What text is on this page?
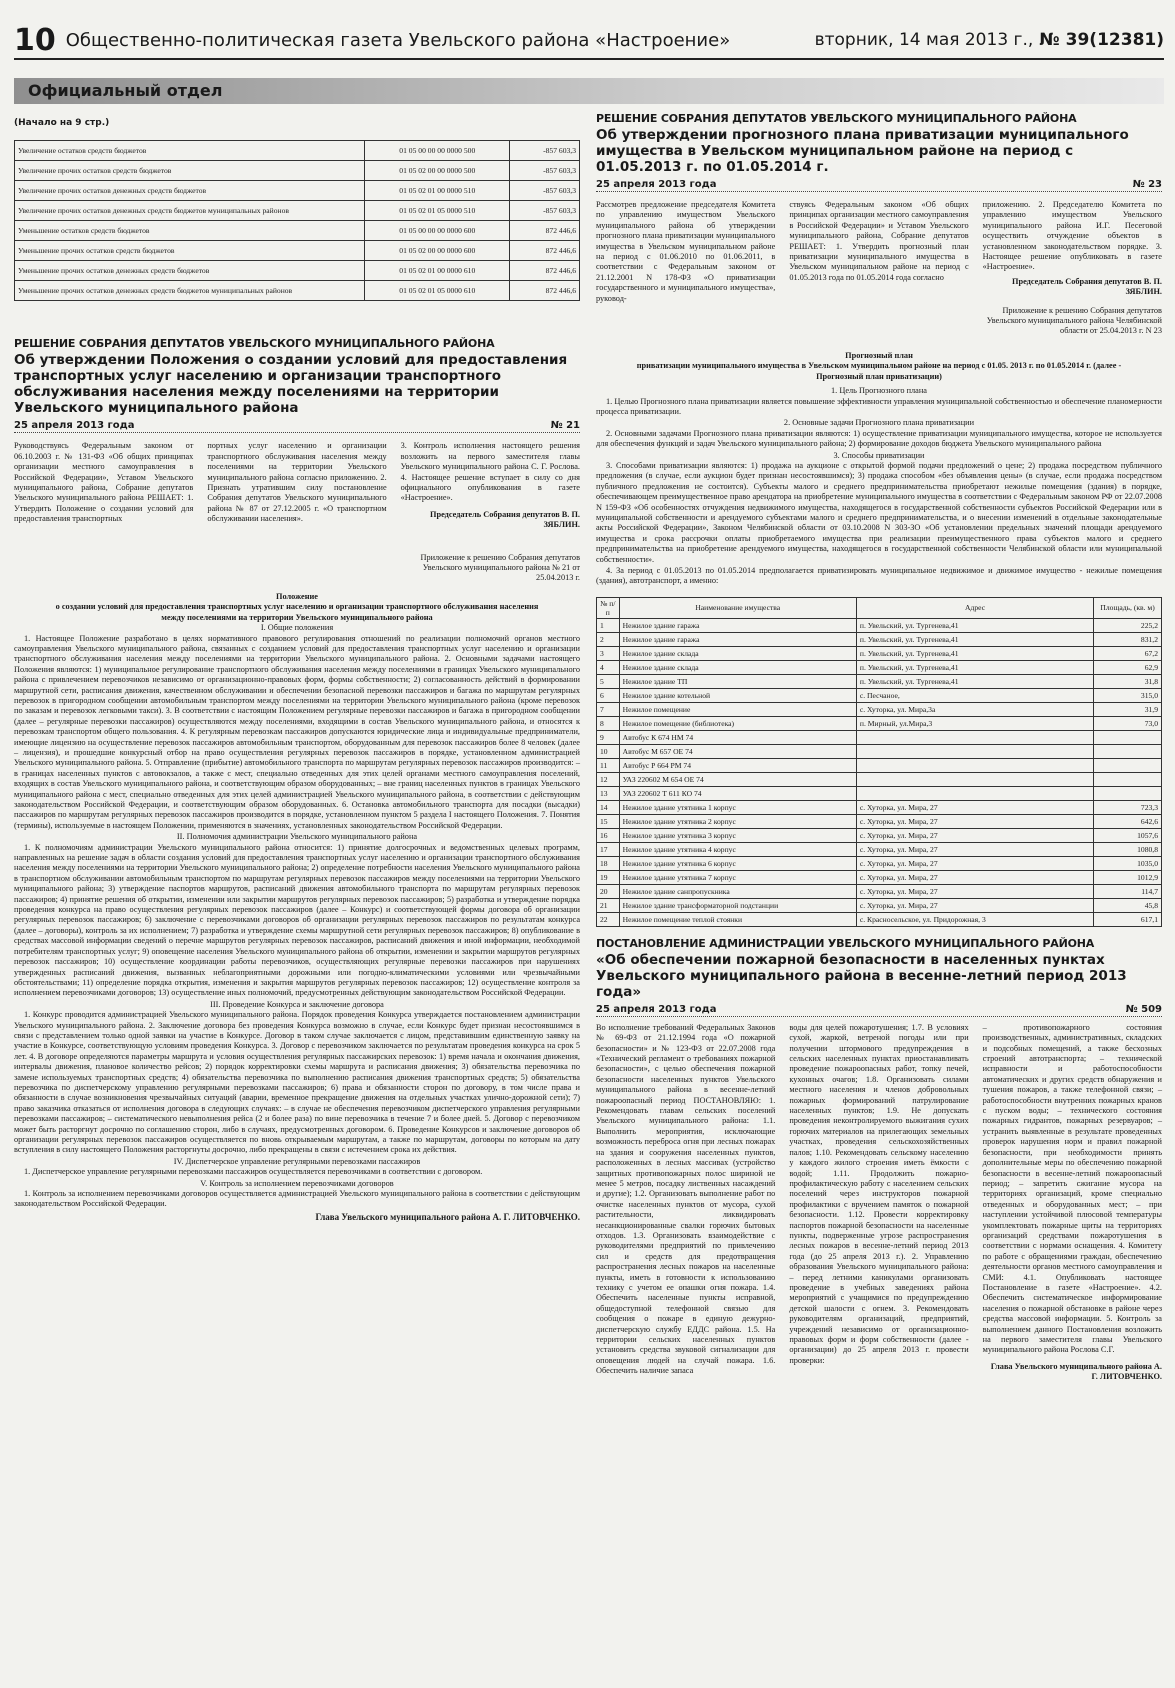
10 Общественно-политическая газета Увельского района «Настроение»	вторник, 14 мая 2013 г., № 39(12381)
Официальный отдел
(Начало на 9 стр.)
Увеличение остатков средств бюджетов	01 05 00 00 00 0000 500	-857 603,3
Увеличение прочих остатков средств бюджетов	01 05 02 00 00 0000 500	-857 603,3
Увеличение прочих остатков денежных средств бюджетов	01 05 02 01 00 0000 510	-857 603,3
Увеличение прочих остатков денежных средств бюджетов муниципальных районов	01 05 02 01 05 0000 510	-857 603,3
Уменьшение остатков средств бюджетов	01 05 00 00 00 0000 600	872 446,6
Уменьшение прочих остатков средств бюджетов	01 05 02 00 00 0000 600	872 446,6
Уменьшение прочих остатков денежных средств бюджетов	01 05 02 01 00 0000 610	872 446,6
Уменьшение прочих остатков денежных средств бюджетов муниципальных районов	01 05 02 01 05 0000 610	872 446,6
РЕШЕНИЕ СОБРАНИЯ ДЕПУТАТОВ УВЕЛЬСКОГО МУНИЦИПАЛЬНОГО РАЙОНА
Об утверждении Положения о создании условий для предоставления транспортных услуг населению и организации транспортного обслуживания населения между поселениями на территории Увельского муниципального района
25 апреля 2013 года	№ 21
Руководствуясь Федеральным законом от 06.10.2003 г. № 131-ФЗ «Об общих принципах организации местного самоуправления в Российской Федерации», Уставом Увельского муниципального района, Собрание депутатов Увельского муниципального района РЕШАЕТ: 1. Утвердить Положение о создании условий для предоставления транспортных
портных услуг населению и организации транспортного обслуживания населения между поселениями на территории Увельского муниципального района согласно приложению. 2. Признать утратившим силу постановление Собрания депутатов Увельского муниципального района № 87 от 27.12.2005 г. «О транспортном обслуживании населения».
3. Контроль исполнения настоящего решения возложить на первого заместителя главы Увельского муниципального района С. Г. Рослова. 4. Настоящее решение вступает в силу со дня официального опубликования в газете «Настроение».
Председатель Собрания депутатов В. П. ЗЯБЛИН.
Приложение к решению Собрания депутатов Увельского муниципального района № 21 от 25.04.2013 г.
Положение
о создании условий для предоставления транспортных услуг населению и организации транспортного обслуживания населения между поселениями на территории Увельского муниципального района
I. Общие положения

1. Настоящее Положение разработано в целях нормативного правового регулирования отношений по реализации полномочий органов местного самоуправления Увельского муниципального района, связанных с созданием условий для предоставления транспортных услуг населению и организации транспортного обслуживания населения между поселениями на территории Увельского муниципального района. 2. Основными задачами настоящего Положения являются: 1) муниципальное регулирование транспортного обслуживания населения между поселениями в границах Увельского муниципального района с привлечением перевозчиков независимо от организационно-правовых форм, формы собственности; 2) согласованность действий в формировании маршрутной сети, расписания движения, качественном обслуживании и обеспечении безопасной перевозки пассажиров и багажа по маршрутам регулярных перевозок в пригородном сообщении автомобильным транспортом между поселениями на территории Увельского муниципального района (кроме перевозок по заказам и перевозок легковыми такси). 3. В соответствии с настоящим Положением регулярные перевозки пассажиров и багажа в пригородном сообщении (далее – регулярные перевозки пассажиров) осуществляются между поселениями, входящими в состав Увельского муниципального района, и относятся к перевозкам транспортом общего пользования. 4. К регулярным перевозкам пассажиров допускаются юридические лица и индивидуальные предприниматели, имеющие лицензию на осуществление перевозок пассажиров автомобильным транспортом, оборудованным для перевозок пассажиров более 8 человек (далее – лицензия), и прошедшие конкурсный отбор на право осуществления регулярных перевозок пассажиров в порядке, установленном администрацией Увельского муниципального района. 5. Отправление (прибытие) автомобильного транспорта по маршрутам регулярных перевозок пассажиров производится: – в границах населенных пунктов с автовокзалов, а также с мест, специально отведенных для этих целей органами местного самоуправления поселений, входящих в состав Увельского муниципального района, и соответствующим образом оборудованных; – вне границ населенных пунктов в границах Увельского муниципального района с мест, специально отведенных для этих целей администрацией Увельского муниципального района, в соответствии с действующим законодательством Российской Федерации, и соответствующим образом оборудованных. 6. Остановка автомобильного транспорта для посадки (высадки) пассажиров по маршрутам регулярных перевозок пассажиров производится в порядке, установленном пунктом 5 раздела I настоящего Положения. 7. Понятия (термины), используемые в настоящем Положении, применяются в значениях, установленных законодательством Российской Федерации.

II. Полномочия администрации Увельского муниципального района

1. К полномочиям администрации Увельского муниципального района относится: 1) принятие долгосрочных и ведомственных целевых программ, направленных на решение задач в области создания условий для предоставления транспортных услуг населению и организации транспортного обслуживания населения между поселениями на территории Увельского муниципального района; 2) определение потребности населения Увельского муниципального района в транспортном обслуживании автомобильным транспортом по маршрутам регулярных перевозок пассажиров между поселениями на территории Увельского муниципального района; 3) утверждение паспортов маршрутов, расписаний движения автомобильного транспорта по маршрутам регулярных перевозок пассажиров; 4) принятие решения об открытии, изменении или закрытии маршрутов регулярных перевозок пассажиров; 5) разработка и утверждение порядка проведения конкурса на право осуществления регулярных перевозок пассажиров (далее – Конкурс) и соответствующей формы договора об организации регулярных перевозок пассажиров; 6) заключение с перевозчиками договоров об организации регулярных перевозок пассажиров по результатам конкурса (далее – договоры), контроль за их исполнением; 7) разработка и утверждение схемы маршрутной сети регулярных перевозок пассажиров; 8) опубликование в средствах массовой информации сведений о перечне маршрутов регулярных перевозок пассажиров, расписаний движения и иной информации, необходимой потребителям транспортных услуг; 9) оповещение населения Увельского муниципального района об открытии, изменении и закрытии маршрутов регулярных перевозок пассажиров; 10) осуществление координации работы перевозчиков, осуществляющих регулярные перевозки пассажиров при нарушениях утвержденных расписаний движения, вызванных неблагоприятными дорожными или погодно-климатическими условиями или чрезвычайными обстоятельствами; 11) определение порядка открытия, изменения и закрытия маршрутов регулярных перевозок пассажиров; 12) осуществление контроля за исполнением перевозчиками договоров; 13) осуществление иных полномочий, предусмотренных действующим законодательством Российской Федерации.

III. Проведение Конкурса и заключение договора

1. Конкурс проводится администрацией Увельского муниципального района. Порядок проведения Конкурса утверждается постановлением администрации Увельского муниципального района. 2. Заключение договора без проведения Конкурса возможно в случае, если Конкурс будет признан несостоявшимся в связи с представлением только одной заявки на участие в Конкурсе. Договор в таком случае заключается с лицом, представившим единственную заявку на участие в Конкурсе, соответствующую условиям проведения Конкурса. 3. Договор с перевозчиком заключается по результатам проведения конкурса на срок 5 лет. 4. В договоре определяются параметры маршрута и условия осуществления регулярных пассажирских перевозок: 1) время начала и окончания движения, интервалы движения, плановое количество рейсов; 2) порядок корректировки схемы маршрута и расписания движения; 3) обязательства перевозчика по замене используемых транспортных средств; 4) обязательства перевозчика по выполнению расписания движения транспортных средств; 5) обязательства перевозчика по диспетчерскому управлению регулярными перевозками пассажиров; 6) права и обязанности сторон по договору, в том числе права и обязанности в случае возникновения чрезвычайных ситуаций (аварии, временное прекращение движения на отдельных участках улично-дорожной сети); 7) право заказчика отказаться от исполнения договора в следующих случаях: – в случае не обеспечения перевозчиком диспетчерского управления регулярными перевозками пассажиров; – систематического невыполнения рейса (2 и более раза) по вине перевозчика в течение 7 и более дней. 5. Договор с перевозчиком может быть расторгнут досрочно по соглашению сторон, либо в случаях, предусмотренных договором. 6. Проведение Конкурсов и заключение договоров об организации регулярных перевозок пассажиров осуществляется по вновь открываемым маршрутам, а также по маршрутам, договоры по которым на дату вступления в силу настоящего Положения расторгнуты досрочно, либо прекращены в связи с истечением срока их действия.

IV. Диспетчерское управление регулярными перевозками пассажиров

1. Диспетчерское управление регулярными перевозками пассажиров осуществляется перевозчиками в соответствии с договором.

V. Контроль за исполнением перевозчиками договоров

1. Контроль за исполнением перевозчиками договоров осуществляется администрацией Увельского муниципального района в соответствии с действующим законодательством Российской Федерации.

Глава Увельского муниципального района А. Г. ЛИТОВЧЕНКО.
РЕШЕНИЕ СОБРАНИЯ ДЕПУТАТОВ УВЕЛЬСКОГО МУНИЦИПАЛЬНОГО РАЙОНА
Об утверждении прогнозного плана приватизации муниципального имущества в Увельском муниципальном районе на период с 01.05.2013 г. по 01.05.2014 г.
25 апреля 2013 года	№ 23
Рассмотрев предложение председателя Комитета по управлению имуществом Увельского муниципального района об утверждении прогнозного плана приватизации муниципального имущества в Увельском муниципальном районе на период с 01.06.2010 по 01.06.2011, в соответствии с Федеральным законом от 21.12.2001 N 178-ФЗ «О приватизации государственного и муниципального имущества», руковод-
ствуясь Федеральным законом «Об общих принципах организации местного самоуправления в Российской Федерации» и Уставом Увельского муниципального района, Собрание депутатов РЕШАЕТ: 1. Утвердить прогнозный план приватизации муниципального имущества в Увельском муниципальном районе на период с 01.05.2013 года по 01.05.2014 года согласно
приложению. 2. Председателю Комитета по управлению имуществом Увельского муниципального района И.Г. Песеговой осуществить отчуждение объектов в установленном законодательством порядке. 3. Настоящее решение опубликовать в газете «Настроение».
Председатель Собрания депутатов В. П. ЗЯБЛИН.
Приложение к решению Собрания депутатов Увельского муниципального района Челябинской области от 25.04.2013 г. N 23
Прогнозный план
приватизации муниципального имущества в Увельском муниципальном районе на период с 01.05. 2013 г. по 01.05.2014 г. (далее - Прогнозный план приватизации)
1. Цель Прогнозного плана

1. Целью Прогнозного плана приватизации является повышение эффективности управления муниципальной собственностью и обеспечение планомерности процесса приватизации.

2. Основные задачи Прогнозного плана приватизации

2. Основными задачами Прогнозного плана приватизации являются: 1) осуществление приватизации муниципального имущества, которое не используется для обеспечения функций и задач Увельского муниципального района; 2) формирование доходов бюджета Увельского муниципального района

3. Способы приватизации

3. Способами приватизации являются: 1) продажа на аукционе с открытой формой подачи предложений о цене; 2) продажа посредством публичного предложения (в случае, если аукцион будет признан несостоявшимся); 3) продажа способом «без объявления цены» (в случае, если продажа посредством публичного предложения не состоится). Субъекты малого и среднего предпринимательства приобретают нежилые помещения (здания) в порядке, обеспечивающем преимущественное право арендатора на приобретение муниципального имущества в соответствии с Федеральным законом РФ от 22.07.2008 N 159-ФЗ «Об особенностях отчуждения недвижимого имущества, находящегося в государственной собственности субъектов Российской Федерации или в муниципальной собственности и арендуемого субъектами малого и среднего предпринимательства, и о внесении изменений в отдельные законодательные акты Российской Федерации», Законом Челябинской области от 03.10.2008 N 303-ЗО «Об установлении предельных значений площади арендуемого имущества и срока рассрочки оплаты приобретаемого имущества при реализации преимущественного права субъектов малого и среднего предпринимательства на приобретение арендуемого имущества, находящегося в государственной собственности Челябинской области или муниципальной собственности».

4. За период с 01.05.2013 по 01.05.2014 предполагается приватизировать муниципальное недвижимое и движимое имущество - нежилые помещения (здания), автотранспорт, а именно:

№ п/п	Наименование имущества	Адрес	Площадь, (кв. м)
1	Нежилое здание гаража	п. Увельский, ул. Тургенева,41	225,2
2	Нежилое здание гаража	п. Увельский, ул. Тургенева,41	831,2
3	Нежилое здание склада	п. Увельский, ул. Тургенева,41	67,2
4	Нежилое здание склада	п. Увельский, ул. Тургенева,41	62,9
5	Нежилое здание ТП	п. Увельский, ул. Тургенева,41	31,8
6	Нежилое здание котельной	с. Песчаное,	315,0
7	Нежилое помещение	с. Хуторка, ул. Мира,3а	31,9
8	Нежилое помещение (библиотека)	п. Мирный, ул.Мира,3	73,0
9	Автобус К 674 НМ 74		
10	Автобус М 657 ОЕ 74		
11	Автобус Р 664 РМ 74		
12	УАЗ 220602 М 654 ОЕ 74		
13	УАЗ 220602 Т 611 КО 74		
14	Нежилое здание утятника 1 корпус	с. Хуторка, ул. Мира, 27	723,3
15	Нежилое здание утятника 2 корпус	с. Хуторка, ул. Мира, 27	642,6
16	Нежилое здание утятника 3 корпус	с. Хуторка, ул. Мира, 27	1057,6
17	Нежилое здание утятника 4 корпус	с. Хуторка, ул. Мира, 27	1080,8
18	Нежилое здание утятника 6 корпус	с. Хуторка, ул. Мира, 27	1035,0
19	Нежилое здание утятника 7 корпус	с. Хуторка, ул. Мира, 27	1012,9
20	Нежилое здание санпропускника	с. Хуторка, ул. Мира, 27	114,7
21	Нежилое здание трансформаторной подстанции	с. Хуторка, ул. Мира, 27	45,8
22	Нежилое помещение теплой стоянки	с. Красносельское, ул. Придорожная, 3	617,1
ПОСТАНОВЛЕНИЕ АДМИНИСТРАЦИИ УВЕЛЬСКОГО МУНИЦИПАЛЬНОГО РАЙОНА
«Об обеспечении пожарной безопасности в населенных пунктах Увельского муниципального района в весенне-летний период 2013 года»
25 апреля 2013 года	№ 509
Во исполнение требований Федеральных Законов № 69-ФЗ от 21.12.1994 года «О пожарной безопасности» и № 123-ФЗ от 22.07.2008 года «Технический регламент о требованиях пожарной безопасности», с целью обеспечения пожарной безопасности населенных пунктов Увельского муниципального района в весенне-летний пожароопасный период ПОСТАНОВЛЯЮ: 1. Рекомендовать главам сельских поселений Увельского муниципального района: 1.1. Выполнить мероприятия, исключающие возможность переброса огня при лесных пожарах на здания и сооружения населенных пунктов, расположенных в лесных массивах (устройство защитных противопожарных полос шириной не менее 5 метров, посадку лиственных насаждений и другие); 1.2. Организовать выполнение работ по очистке населенных пунктов от мусора, сухой растительности, ликвидировать несанкционированные свалки горючих бытовых отходов. 1.3. Организовать взаимодействие с руководителями предприятий по привлечению сил и средств для предотвращения распространения лесных пожаров на населенные пункты, иметь в готовности к использованию технику с учетом ее опашки огня пожара. 1.4. Обеспечить населенные пункты исправной, общедоступной телефонной связью для сообщения о пожаре в единую дежурно-диспетчерскую службу ЕДДС района. 1.5. На территории сельских населенных пунктов установить средства звуковой сигнализации для оповещения людей на случай пожара. 1.6. Обеспечить наличие запаса
воды для целей пожаротушения; 1.7. В условиях сухой, жаркой, ветреной погоды или при получении штормового предупреждения в сельских населенных пунктах приостанавливать проведение пожароопасных работ, топку печей, кухонных очагов; 1.8. Организовать силами местного населения и членов добровольных пожарных формирований патрулирование населенных пунктов; 1.9. Не допускать проведения неконтролируемого выжигания сухих горючих материалов на прилегающих земельных участках, проведения сельскохозяйственных палов; 1.10. Рекомендовать сельскому населению у каждого жилого строения иметь ёмкости с водой; 1.11. Продолжить пожарно-профилактическую работу с населением сельских поселений через инструкторов пожарной профилактики с вручением памяток о пожарной безопасности. 1.12. Провести корректировку паспортов пожарной безопасности на населенные пункты, подверженные угрозе распространения лесных пожаров в весенне-летний период 2013 года (до 25 апреля 2013 г.). 2. Управлению образования Увельского муниципального района: – перед летними каникулами организовать проведение в учебных заведениях района мероприятий с учащимися по предупреждению детской шалости с огнем. 3. Рекомендовать руководителям организаций, предприятий, учреждений независимо от организационно-правовых форм и форм собственности (далее - организации) до 25 апреля 2013 г. провести проверки:
– противопожарного состояния производственных, административных, складских и подсобных помещений, а также бесхозных строений автотранспорта; – технической исправности и работоспособности автоматических и других средств обнаружения и тушения пожаров, а также телефонной связи; – работоспособности внутренних пожарных кранов с пуском воды; – технического состояния пожарных гидрантов, пожарных резервуаров; – устранить выявленные в результате проведенных проверок нарушения норм и правил пожарной безопасности, при необходимости принять дополнительные меры по обеспечению пожарной безопасности в весенне-летний пожароопасный период; – запретить сжигание мусора на территориях организаций, кроме специально отведенных и оборудованных мест; – при наступлении устойчивой плюсовой температуры укомплектовать пожарные щиты на территориях организаций средствами пожаротушения в соответствии с нормами оснащения. 4. Комитету по работе с обращениями граждан, обеспечению деятельности органов местного самоуправления и СМИ: 4.1. Опубликовать настоящее Постановление в газете «Настроение». 4.2. Обеспечить систематическое информирование населения о пожарной обстановке в районе через средства массовой информации. 5. Контроль за выполнением данного Постановления возложить на первого заместителя главы Увельского муниципального района Рослова С.Г.
Глава Увельского муниципального района А. Г. ЛИТОВЧЕНКО.
